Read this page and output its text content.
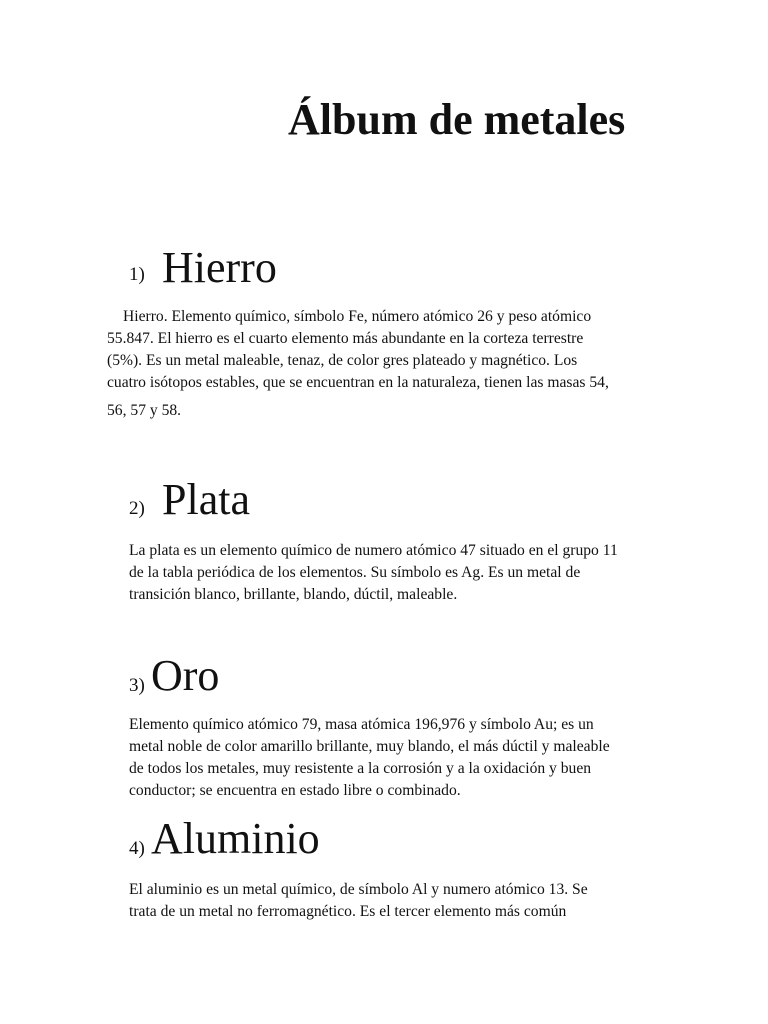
Álbum de metales
1) Hierro
Hierro. Elemento químico, símbolo Fe, número atómico 26 y peso atómico
55.847. El hierro es el cuarto elemento más abundante en la corteza terrestre
(5%). Es un metal maleable, tenaz, de color gres plateado y magnético. Los
cuatro isótopos estables, que se encuentran en la naturaleza, tienen las masas 54,
56, 57 y 58.
2) Plata
La plata es un elemento químico de numero atómico 47 situado en el grupo 11
de la tabla periódica de los elementos. Su símbolo es Ag. Es un metal de
transición blanco, brillante, blando, dúctil, maleable.
3) Oro
Elemento químico atómico 79, masa atómica 196,976 y símbolo Au; es un
metal noble de color amarillo brillante, muy blando, el más dúctil y maleable
de todos los metales, muy resistente a la corrosión y a la oxidación y buen
conductor; se encuentra en estado libre o combinado.
4) Aluminio
El aluminio es un metal químico, de símbolo Al y numero atómico 13. Se
trata de un metal no ferromagnético. Es el tercer elemento más común
